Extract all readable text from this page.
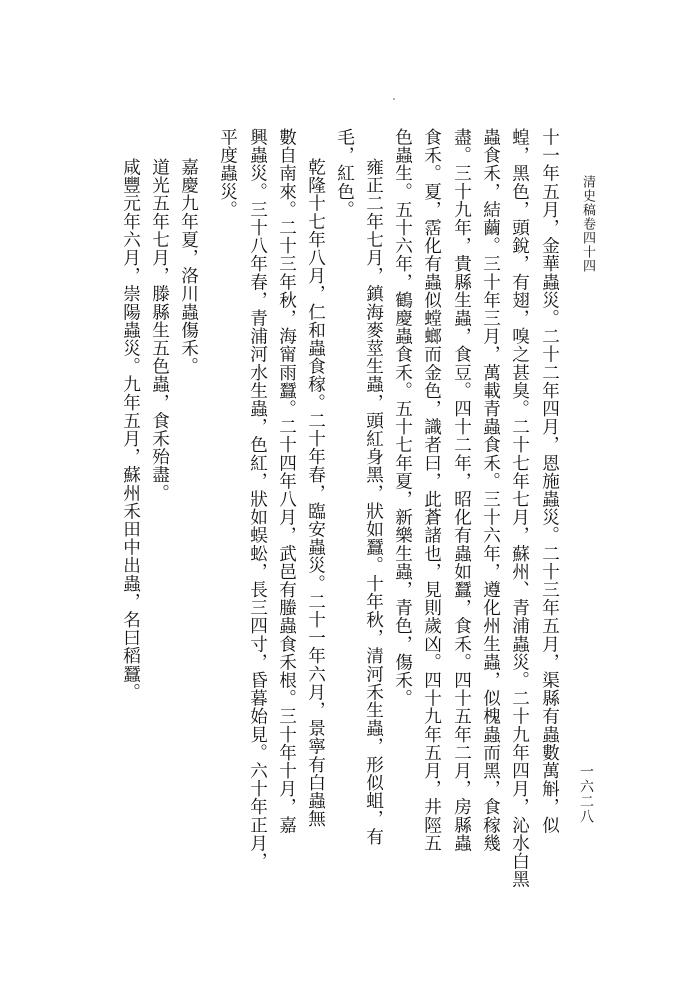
清史稿卷四十四
一六二八
十一年五月，金華蟲災。二十二年四月，恩施蟲災。二十三年五月，渠縣有蟲數萬斛，似
蝗，黑色，頭銳，有翅，嗅之甚臭。二十七年七月，蘇州、青浦蟲災。二十九年四月，沁水白黑
蟲食禾，結繭。三十年三月，萬載青蟲食禾。三十六年，遵化州生蟲，似槐蟲而黑，食稼幾
盡。三十九年，貴縣生蟲，食豆。四十二年，昭化有蟲如蠶，食禾。四十五年二月，房縣蟲
食禾。夏，霑化有蟲似螳螂而金色，識者曰，此蒼諸也，見則歲凶。四十九年五月，井陘五
色蟲生。五十六年，鶴慶蟲食禾。五十七年夏，新樂生蟲，青色，傷禾。
雍正二年七月，鎮海麥莖生蟲，頭紅身黑，狀如蠶。十年秋，清河禾生蟲，形似蛆，有
毛，紅色。
乾隆十七年八月，仁和蟲食稼。二十年春，臨安蟲災。二十一年六月，景寧有白蟲無
數自南來。二十三年秋，海甯雨蠶。二十四年八月，武邑有螣蟲食禾根。三十年十月，嘉
興蟲災。三十八年春，青浦河水生蟲，色紅，狀如蜈蚣，長三四寸，昏暮始見。六十年正月，
平度蟲災。
嘉慶九年夏，洛川蟲傷禾。
道光五年七月，滕縣生五色蟲，食禾殆盡。
咸豐元年六月，崇陽蟲災。九年五月，蘇州禾田中出蟲，名曰稻蠶。
